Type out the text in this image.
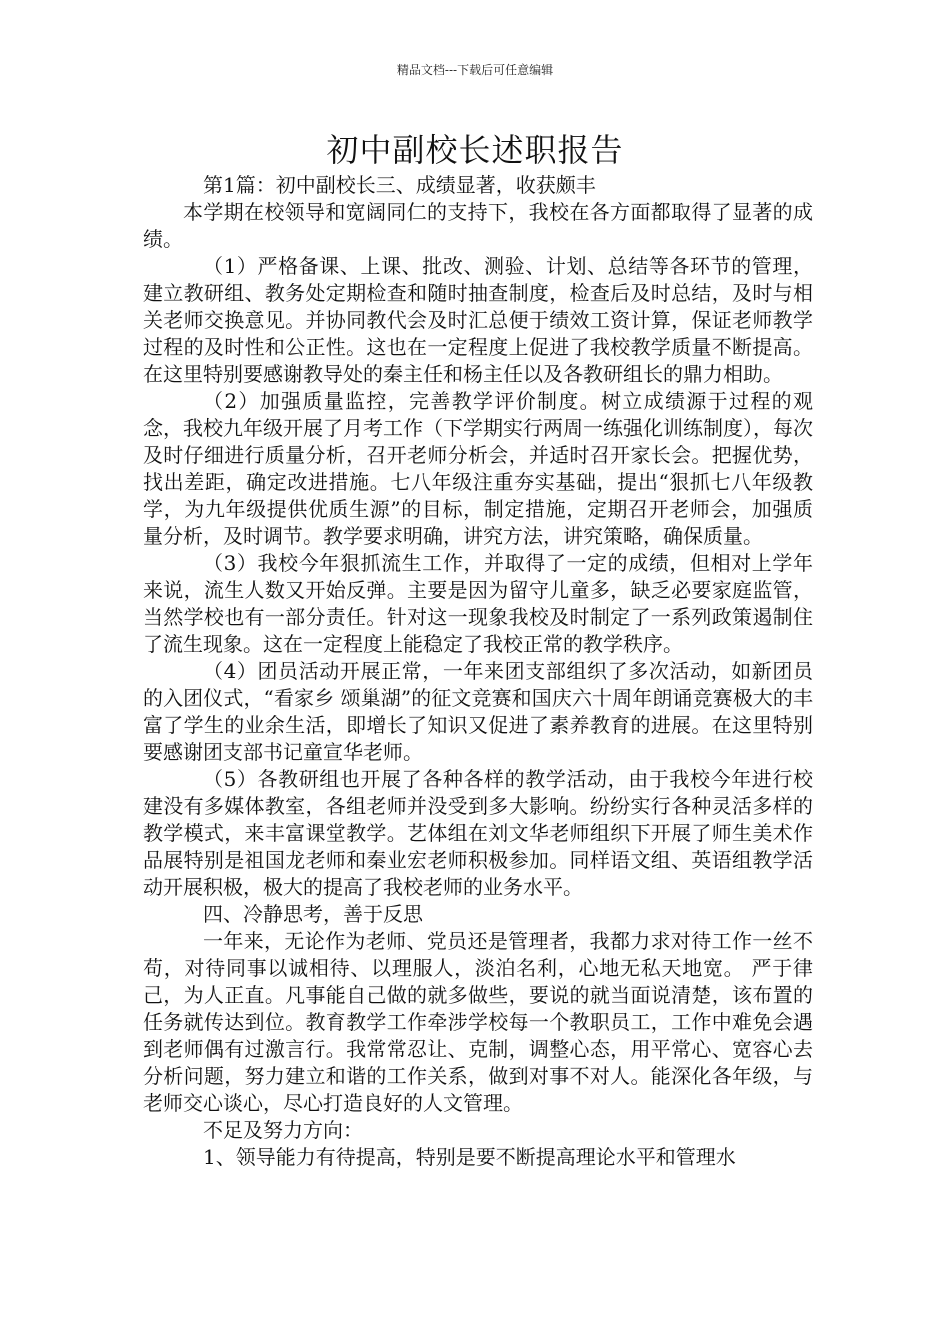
精品文档---下载后可任意编辑
初中副校长述职报告

第1篇：初中副校长三、成绩显著，收获颇丰

本学期在校领导和宽阔同仁的支持下，我校在各方面都取得了显著的成绩。

（1）严格备课、上课、批改、测验、计划、总结等各环节的管理，建立教研组、教务处定期检查和随时抽查制度，检查后及时总结，及时与相关老师交换意见。并协同教代会及时汇总便于绩效工资计算，保证老师教学过程的及时性和公正性。这也在一定程度上促进了我校教学质量不断提高。在这里特别要感谢教导处的秦主任和杨主任以及各教研组长的鼎力相助。

（2）加强质量监控，完善教学评价制度。树立成绩源于过程的观念，我校九年级开展了月考工作（下学期实行两周一练强化训练制度），每次及时仔细进行质量分析，召开老师分析会，并适时召开家长会。把握优势，找出差距，确定改进措施。七八年级注重夯实基础，提出“狠抓七八年级教学，为九年级提供优质生源”的目标，制定措施，定期召开老师会，加强质量分析，及时调节。教学要求明确，讲究方法，讲究策略，确保质量。

（3）我校今年狠抓流生工作，并取得了一定的成绩，但相对上学年来说，流生人数又开始反弹。主要是因为留守儿童多，缺乏必要家庭监管，当然学校也有一部分责任。针对这一现象我校及时制定了一系列政策遏制住了流生现象。这在一定程度上能稳定了我校正常的教学秩序。

（4）团员活动开展正常，一年来团支部组织了多次活动，如新团员的入团仪式，“看家乡 颂巢湖”的征文竞赛和国庆六十周年朗诵竞赛极大的丰富了学生的业余生活，即增长了知识又促进了素养教育的进展。在这里特别要感谢团支部书记童宣华老师。

（5）各教研组也开展了各种各样的教学活动，由于我校今年进行校建没有多媒体教室，各组老师并没受到多大影响。纷纷实行各种灵活多样的教学模式，来丰富课堂教学。艺体组在刘文华老师组织下开展了师生美术作品展特别是祖国龙老师和秦业宏老师积极参加。同样语文组、英语组教学活动开展积极，极大的提高了我校老师的业务水平。

四、冷静思考，善于反思

一年来，无论作为老师、党员还是管理者，我都力求对待工作一丝不苟，对待同事以诚相待、以理服人，淡泊名利，心地无私天地宽。 严于律己，为人正直。凡事能自己做的就多做些，要说的就当面说清楚，该布置的任务就传达到位。教育教学工作牵涉学校每一个教职员工，工作中难免会遇到老师偶有过激言行。我常常忍让、克制，调整心态，用平常心、宽容心去分析问题，努力建立和谐的工作关系，做到对事不对人。能深化各年级，与老师交心谈心，尽心打造良好的人文管理。

不足及努力方向：

1、领导能力有待提高，特别是要不断提高理论水平和管理水
